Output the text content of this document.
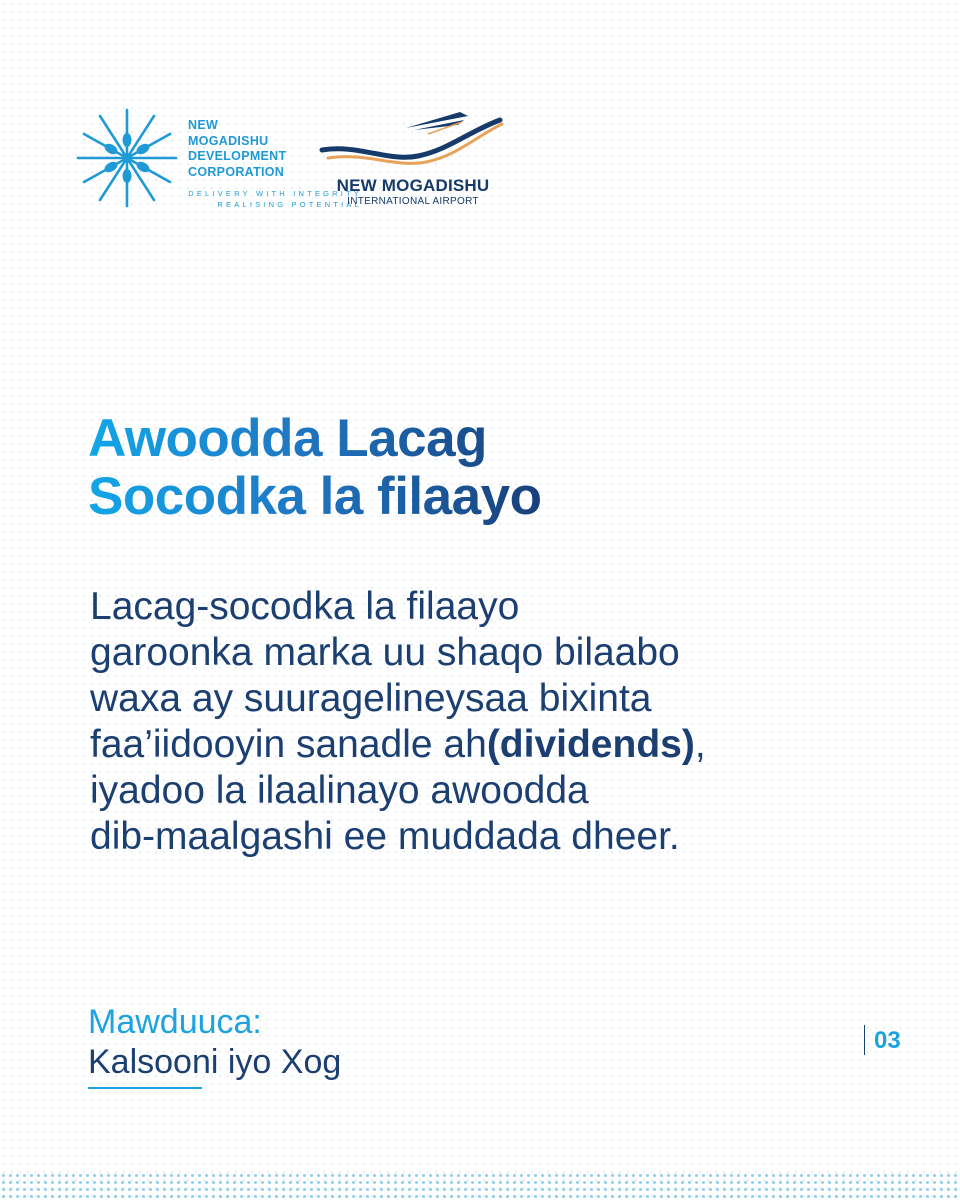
NEW
MOGADISHU
DEVELOPMENT
CORPORATION

DELIVERY WITH INTEGRITY
REALISING POTENTIAL
NEW MOGADISHU
INTERNATIONAL AIRPORT
Awoodda Lacag
Socodka la filaayo

Lacag-socodka la filaayo
garoonka marka uu shaqo bilaabo
waxa ay suuragelineysaa bixinta
faa’iidooyin sanadle ah(dividends),
iyadoo la ilaalinayo awoodda
dib-maalgashi ee muddada dheer.

Mawduuca:
Kalsooni iyo Xog
03
